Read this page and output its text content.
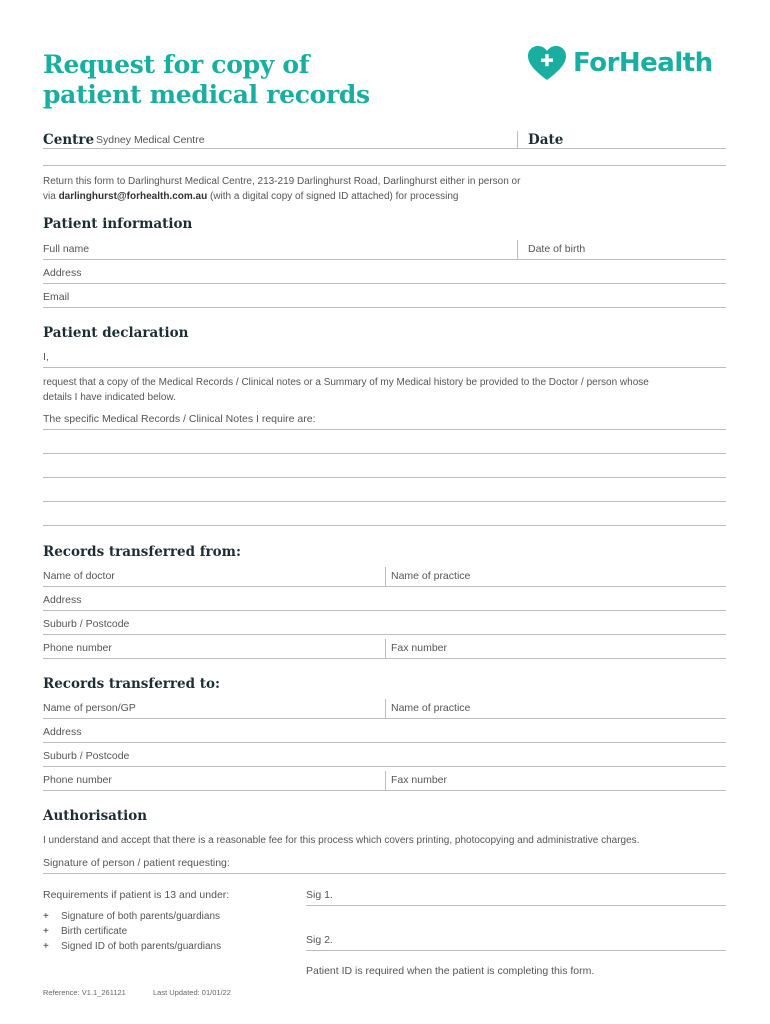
Request for copy of
patient medical records
ForHealth
Centre Sydney Medical Centre	Date
Return this form to Darlinghurst Medical Centre, 213-219 Darlinghurst Road, Darlinghurst either in person or
via darlinghurst@forhealth.com.au (with a digital copy of signed ID attached) for processing
Patient information
Full name	Date of birth
Address
Email
Patient declaration
I,
request that a copy of the Medical Records / Clinical notes or a Summary of my Medical history be provided to the Doctor / person whose
details I have indicated below.
The specific Medical Records / Clinical Notes I require are:
Records transferred from:
Name of doctor	Name of practice
Address
Suburb / Postcode
Phone number	Fax number
Records transferred to:
Name of person/GP	Name of practice
Address
Suburb / Postcode
Phone number	Fax number
Authorisation
I understand and accept that there is a reasonable fee for this process which covers printing, photocopying and administrative charges.
Signature of person / patient requesting:
Requirements if patient is 13 and under:
+ Signature of both parents/guardians
+ Birth certificate
+ Signed ID of both parents/guardians
Sig 1.
Sig 2.
Patient ID is required when the patient is completing this form.
Reference: V1.1_261121	Last Updated: 01/01/22
